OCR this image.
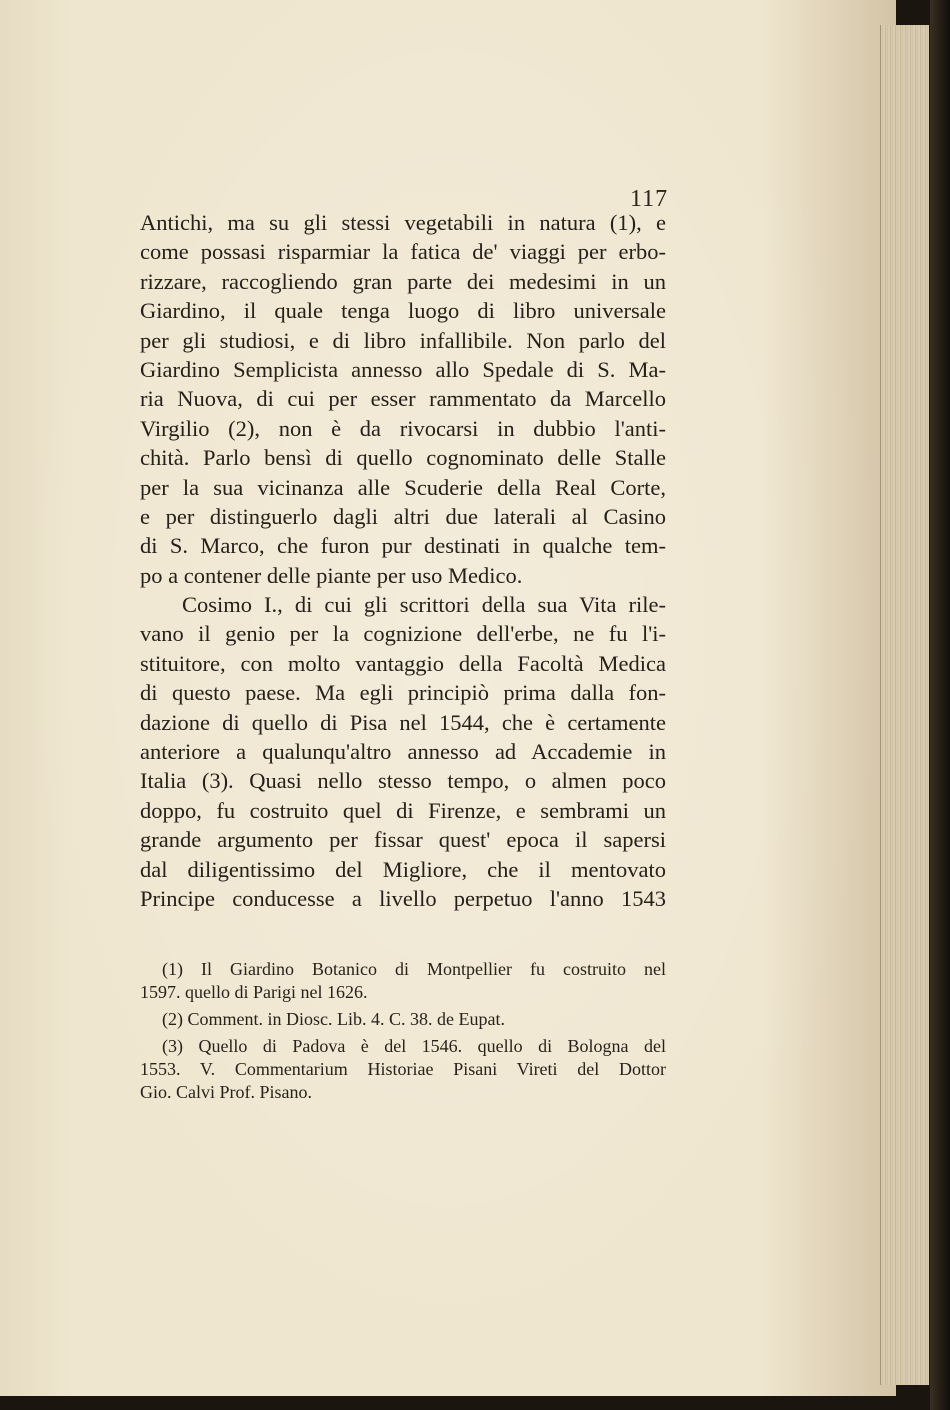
117
Antichi, ma su gli stessi vegetabili in natura (1), e
come possasi risparmiar la fatica de' viaggi per erbo-
rizzare, raccogliendo gran parte dei medesimi in un
Giardino, il quale tenga luogo di libro universale
per gli studiosi, e di libro infallibile. Non parlo del
Giardino Semplicista annesso allo Spedale di S. Ma-
ria Nuova, di cui per esser rammentato da Marcello
Virgilio (2), non è da rivocarsi in dubbio l'anti-
chità. Parlo bensì di quello cognominato delle Stalle
per la sua vicinanza alle Scuderie della Real Corte,
e per distinguerlo dagli altri due laterali al Casino
di S. Marco, che furon pur destinati in qualche tem-
po a contener delle piante per uso Medico.
Cosimo I., di cui gli scrittori della sua Vita rile-
vano il genio per la cognizione dell'erbe, ne fu l'i-
stituitore, con molto vantaggio della Facoltà Medica
di questo paese. Ma egli principiò prima dalla fon-
dazione di quello di Pisa nel 1544, che è certamente
anteriore a qualunqu'altro annesso ad Accademie in
Italia (3). Quasi nello stesso tempo, o almen poco
doppo, fu costruito quel di Firenze, e sembrami un
grande argumento per fissar quest' epoca il sapersi
dal diligentissimo del Migliore, che il mentovato
Principe conducesse a livello perpetuo l'anno 1543
(1) Il Giardino Botanico di Montpellier fu costruito nel
1597. quello di Parigi nel 1626.
(2) Comment. in Diosc. Lib. 4. C. 38. de Eupat.
(3) Quello di Padova è del 1546. quello di Bologna del
1553. V. Commentarium Historiae Pisani Vireti del Dottor
Gio. Calvi Prof. Pisano.
